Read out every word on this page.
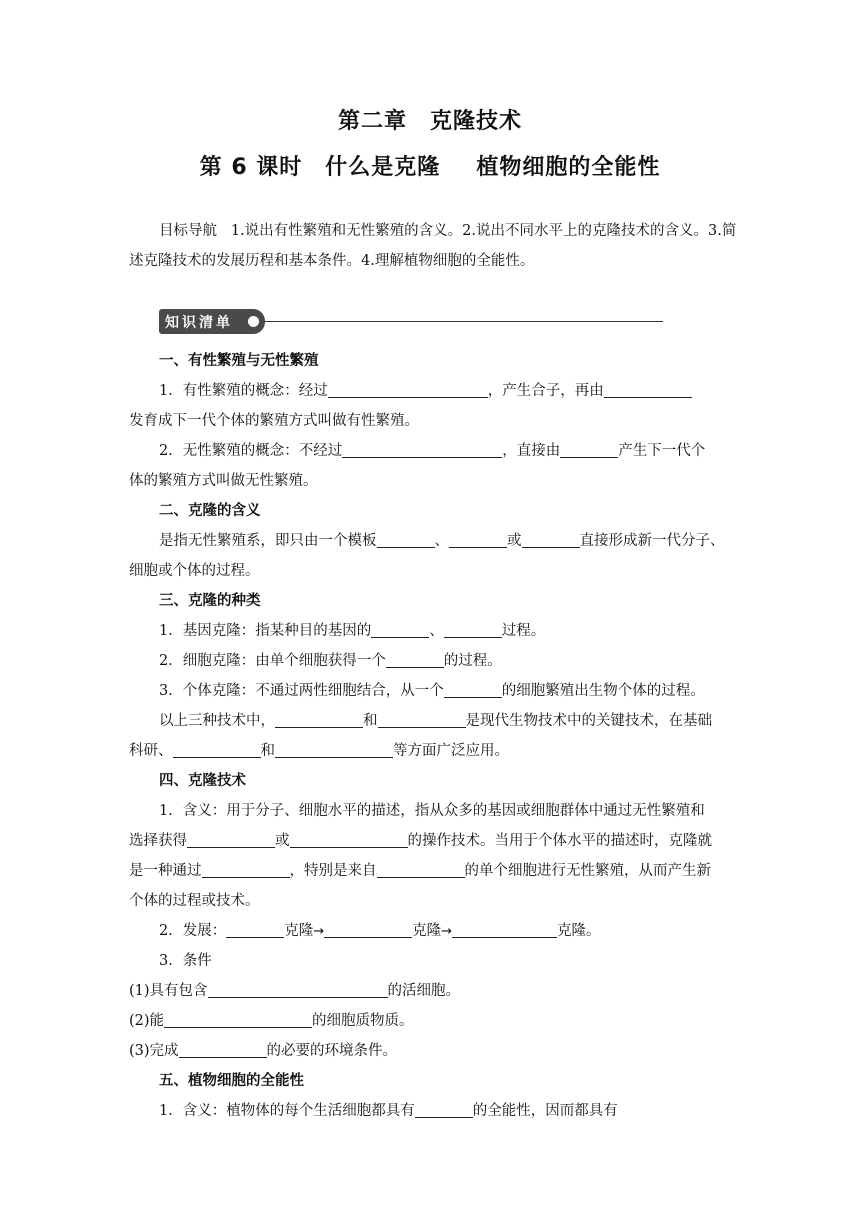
第二章　克隆技术
第 6 课时　什么是克隆 植物细胞的全能性
目标导航 1.说出有性繁殖和无性繁殖的含义。2.说出不同水平上的克隆技术的含义。3.简述克隆技术的发展历程和基本条件。4.理解植物细胞的全能性。
知识清单
一、有性繁殖与无性繁殖
1．有性繁殖的概念：经过	，产生合子，再由
发育成下一代个体的繁殖方式叫做有性繁殖。
2．无性繁殖的概念：不经过	，直接由	产生下一代个
体的繁殖方式叫做无性繁殖。
二、克隆的含义
是指无性繁殖系，即只由一个模板	、	或	直接形成新一代分子、
细胞或个体的过程。
三、克隆的种类
1．基因克隆：指某种目的基因的	、	过程。
2．细胞克隆：由单个细胞获得一个	的过程。
3．个体克隆：不通过两性细胞结合，从一个	的细胞繁殖出生物个体的过程。
以上三种技术中，	和	是现代生物技术中的关键技术，在基础
科研、	和	等方面广泛应用。
四、克隆技术
1．含义：用于分子、细胞水平的描述，指从众多的基因或细胞群体中通过无性繁殖和
选择获得	或	的操作技术。当用于个体水平的描述时，克隆就
是一种通过	，特别是来自	的单个细胞进行无性繁殖，从而产生新
个体的过程或技术。
2．发展：	克隆→	克隆→	克隆。
3．条件
(1)具有包含	的活细胞。
(2)能	的细胞质物质。
(3)完成	的必要的环境条件。
五、植物细胞的全能性
1．含义：植物体的每个生活细胞都具有	的全能性，因而都具有
